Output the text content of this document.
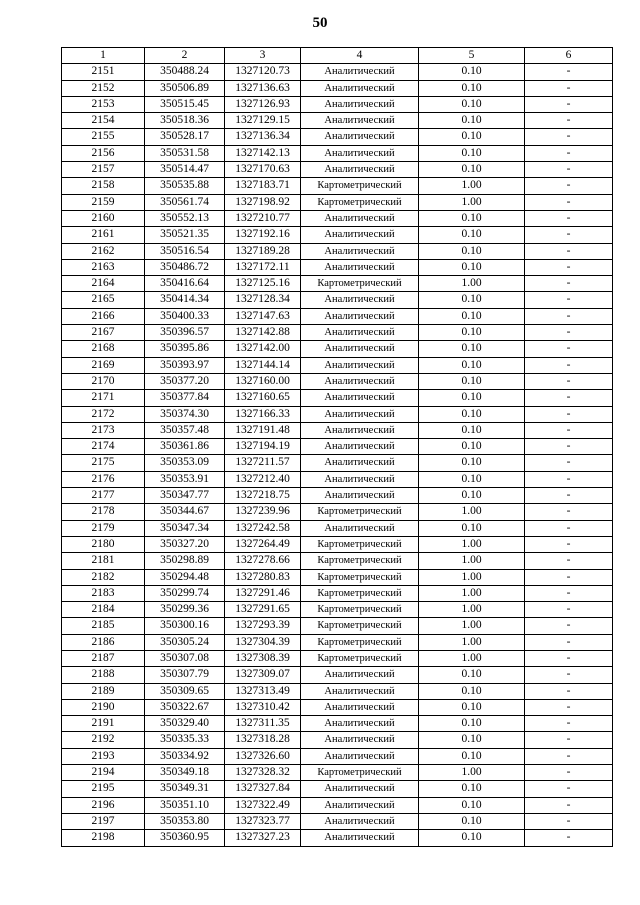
50
1	2	3	4	5	6
2151	350488.24	1327120.73	Аналитический	0.10	-
2152	350506.89	1327136.63	Аналитический	0.10	-
2153	350515.45	1327126.93	Аналитический	0.10	-
2154	350518.36	1327129.15	Аналитический	0.10	-
2155	350528.17	1327136.34	Аналитический	0.10	-
2156	350531.58	1327142.13	Аналитический	0.10	-
2157	350514.47	1327170.63	Аналитический	0.10	-
2158	350535.88	1327183.71	Картометрический	1.00	-
2159	350561.74	1327198.92	Картометрический	1.00	-
2160	350552.13	1327210.77	Аналитический	0.10	-
2161	350521.35	1327192.16	Аналитический	0.10	-
2162	350516.54	1327189.28	Аналитический	0.10	-
2163	350486.72	1327172.11	Аналитический	0.10	-
2164	350416.64	1327125.16	Картометрический	1.00	-
2165	350414.34	1327128.34	Аналитический	0.10	-
2166	350400.33	1327147.63	Аналитический	0.10	-
2167	350396.57	1327142.88	Аналитический	0.10	-
2168	350395.86	1327142.00	Аналитический	0.10	-
2169	350393.97	1327144.14	Аналитический	0.10	-
2170	350377.20	1327160.00	Аналитический	0.10	-
2171	350377.84	1327160.65	Аналитический	0.10	-
2172	350374.30	1327166.33	Аналитический	0.10	-
2173	350357.48	1327191.48	Аналитический	0.10	-
2174	350361.86	1327194.19	Аналитический	0.10	-
2175	350353.09	1327211.57	Аналитический	0.10	-
2176	350353.91	1327212.40	Аналитический	0.10	-
2177	350347.77	1327218.75	Аналитический	0.10	-
2178	350344.67	1327239.96	Картометрический	1.00	-
2179	350347.34	1327242.58	Аналитический	0.10	-
2180	350327.20	1327264.49	Картометрический	1.00	-
2181	350298.89	1327278.66	Картометрический	1.00	-
2182	350294.48	1327280.83	Картометрический	1.00	-
2183	350299.74	1327291.46	Картометрический	1.00	-
2184	350299.36	1327291.65	Картометрический	1.00	-
2185	350300.16	1327293.39	Картометрический	1.00	-
2186	350305.24	1327304.39	Картометрический	1.00	-
2187	350307.08	1327308.39	Картометрический	1.00	-
2188	350307.79	1327309.07	Аналитический	0.10	-
2189	350309.65	1327313.49	Аналитический	0.10	-
2190	350322.67	1327310.42	Аналитический	0.10	-
2191	350329.40	1327311.35	Аналитический	0.10	-
2192	350335.33	1327318.28	Аналитический	0.10	-
2193	350334.92	1327326.60	Аналитический	0.10	-
2194	350349.18	1327328.32	Картометрический	1.00	-
2195	350349.31	1327327.84	Аналитический	0.10	-
2196	350351.10	1327322.49	Аналитический	0.10	-
2197	350353.80	1327323.77	Аналитический	0.10	-
2198	350360.95	1327327.23	Аналитический	0.10	-
